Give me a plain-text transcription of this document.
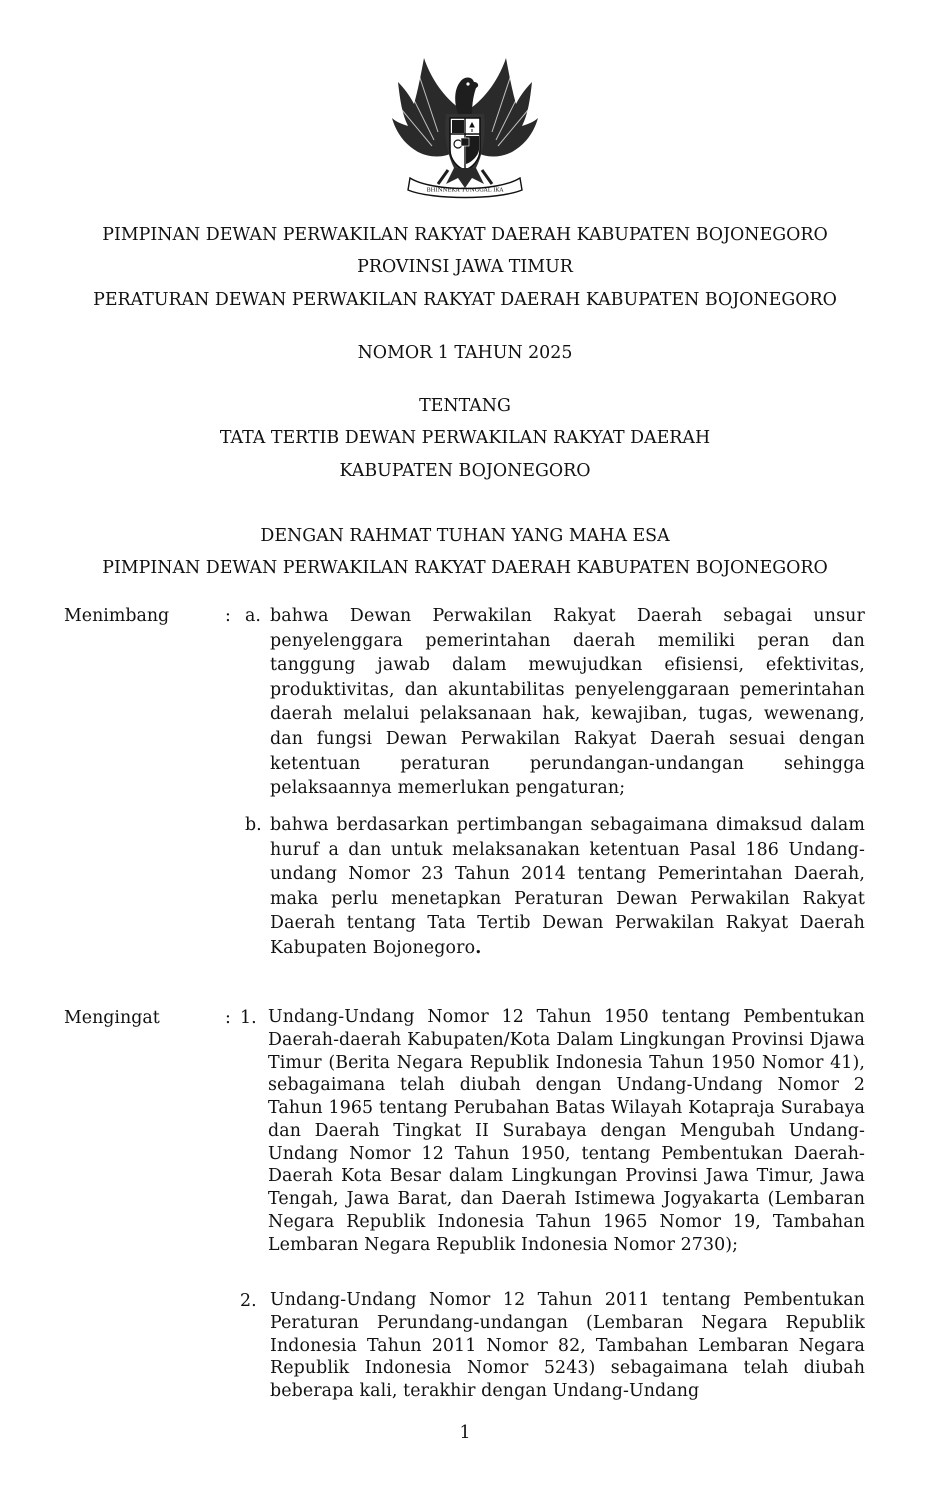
BHINNEKA TUNGGAL IKA
PIMPINAN DEWAN PERWAKILAN RAKYAT DAERAH KABUPATEN BOJONEGORO
PROVINSI JAWA TIMUR
PERATURAN DEWAN PERWAKILAN RAKYAT DAERAH KABUPATEN BOJONEGORO
NOMOR 1 TAHUN 2025
TENTANG
TATA TERTIB DEWAN PERWAKILAN RAKYAT DAERAH
KABUPATEN BOJONEGORO
DENGAN RAHMAT TUHAN YANG MAHA ESA
PIMPINAN DEWAN PERWAKILAN RAKYAT DAERAH KABUPATEN BOJONEGORO
Menimbang	: a. bahwa Dewan Perwakilan Rakyat Daerah sebagai unsur penyelenggara pemerintahan daerah memiliki peran dan tanggung jawab dalam mewujudkan efisiensi, efektivitas, produktivitas, dan akuntabilitas penyelenggaraan pemerintahan daerah melalui pelaksanaan hak, kewajiban, tugas, wewenang, dan fungsi Dewan Perwakilan Rakyat Daerah sesuai dengan ketentuan peraturan perundangan-undangan sehingga pelaksaannya memerlukan pengaturan;
b. bahwa berdasarkan pertimbangan sebagaimana dimaksud dalam huruf a dan untuk melaksanakan ketentuan Pasal 186 Undang-undang Nomor 23 Tahun 2014 tentang Pemerintahan Daerah, maka perlu menetapkan Peraturan Dewan Perwakilan Rakyat Daerah tentang Tata Tertib Dewan Perwakilan Rakyat Daerah Kabupaten Bojonegoro.
Mengingat	: 1. Undang-Undang Nomor 12 Tahun 1950 tentang Pembentukan Daerah-daerah Kabupaten/Kota Dalam Lingkungan Provinsi Djawa Timur (Berita Negara Republik Indonesia Tahun 1950 Nomor 41), sebagaimana telah diubah dengan Undang-Undang Nomor 2 Tahun 1965 tentang Perubahan Batas Wilayah Kotapraja Surabaya dan Daerah Tingkat II Surabaya dengan Mengubah Undang-Undang Nomor 12 Tahun 1950, tentang Pembentukan Daerah-Daerah Kota Besar dalam Lingkungan Provinsi Jawa Timur, Jawa Tengah, Jawa Barat, dan Daerah Istimewa Jogyakarta (Lembaran Negara Republik Indonesia Tahun 1965 Nomor 19, Tambahan Lembaran Negara Republik Indonesia Nomor 2730);
2. Undang-Undang Nomor 12 Tahun 2011 tentang Pembentukan Peraturan Perundang-undangan (Lembaran Negara Republik Indonesia Tahun 2011 Nomor 82, Tambahan Lembaran Negara Republik Indonesia Nomor 5243) sebagaimana telah diubah beberapa kali, terakhir dengan Undang-Undang
1
